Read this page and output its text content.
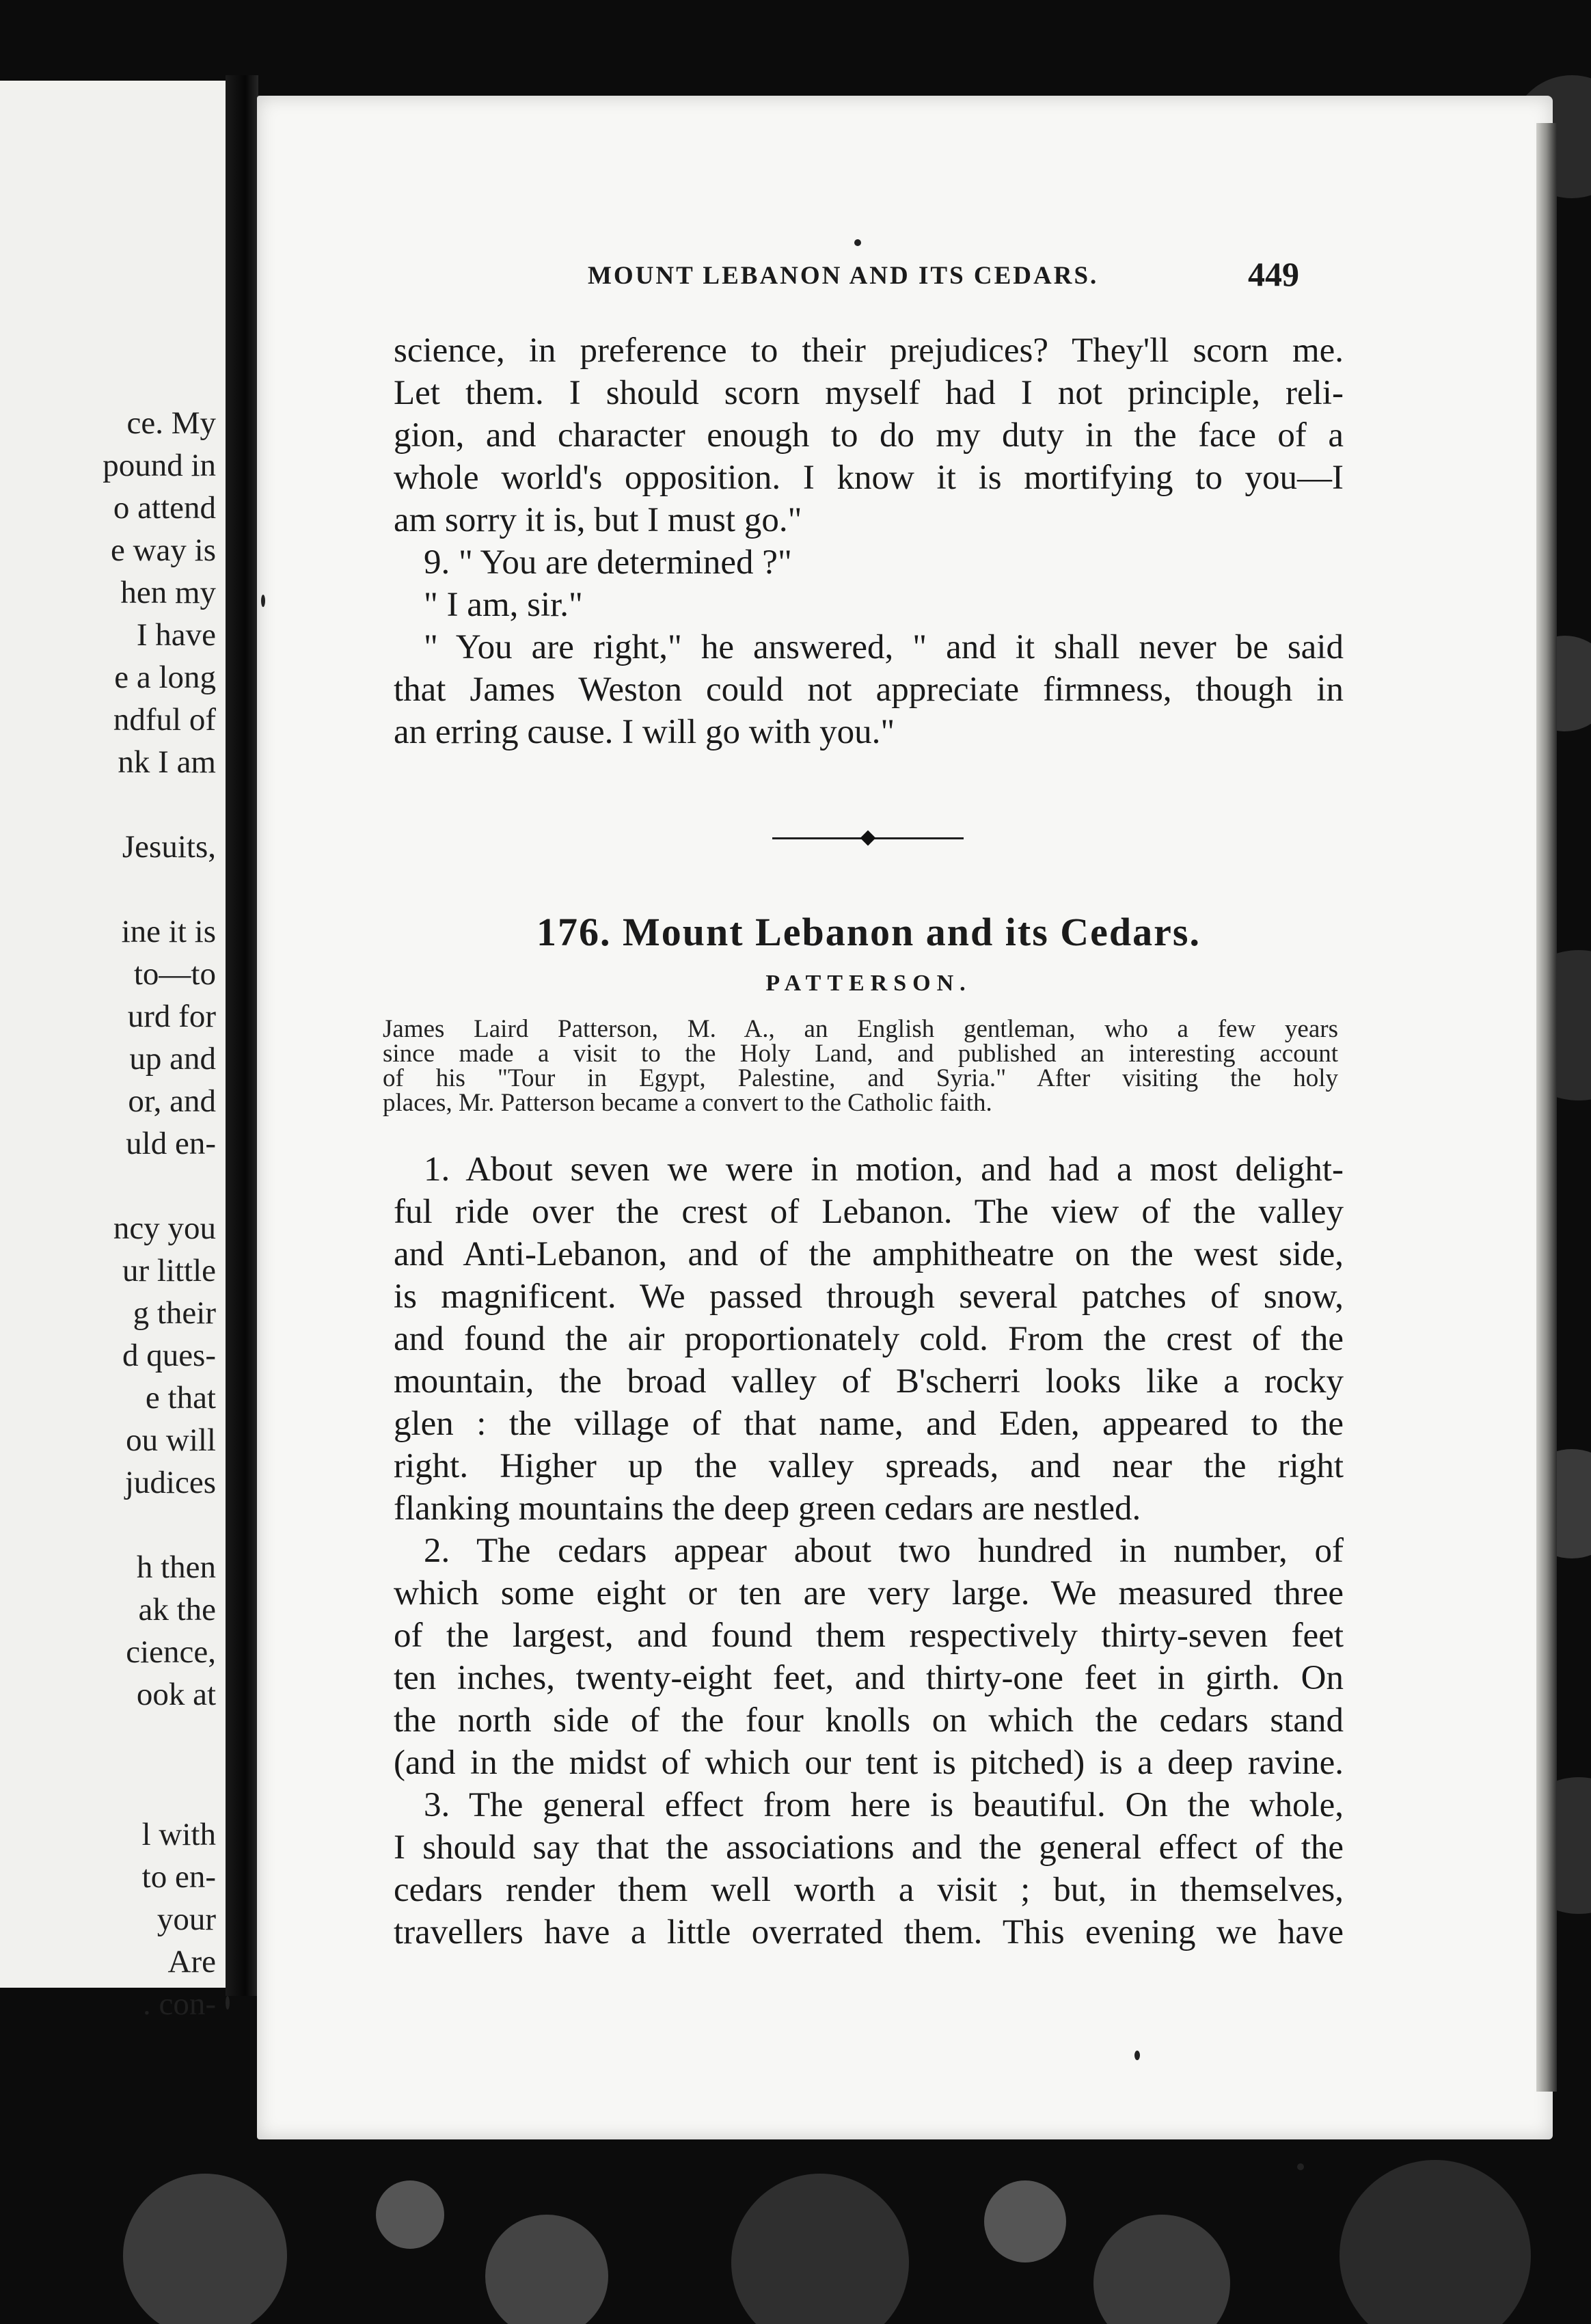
ce. My
pound in
o attend
e way is
hen my
I have
e a long
ndful of
nk I am
Jesuits,
ine it is
to—to
urd for
up and
or, and
uld en-
ncy you
ur little
g their
d ques-
e that
ou will
judices
h then
ak the
cience,
ook at
l with
to en-
your
Are
. con-
MOUNT LEBANON AND ITS CEDARS.	449
science, in preference to their prejudices? They'll scorn me.
Let them. I should scorn myself had I not principle, reli-
gion, and character enough to do my duty in the face of a
whole world's opposition. I know it is mortifying to you—I
am sorry it is, but I must go."
9. " You are determined ?"
" I am, sir."
" You are right," he answered, " and it shall never be said
that James Weston could not appreciate firmness, though in
an erring cause. I will go with you."
176. Mount Lebanon and its Cedars.
PATTERSON.
James Laird Patterson, M. A., an English gentleman, who a few years
since made a visit to the Holy Land, and published an interesting account
of his "Tour in Egypt, Palestine, and Syria." After visiting the holy
places, Mr. Patterson became a convert to the Catholic faith.
1. About seven we were in motion, and had a most delight-
ful ride over the crest of Lebanon. The view of the valley
and Anti-Lebanon, and of the amphitheatre on the west side,
is magnificent. We passed through several patches of snow,
and found the air proportionately cold. From the crest of the
mountain, the broad valley of B'scherri looks like a rocky
glen : the village of that name, and Eden, appeared to the
right. Higher up the valley spreads, and near the right
flanking mountains the deep green cedars are nestled.
2. The cedars appear about two hundred in number, of
which some eight or ten are very large. We measured three
of the largest, and found them respectively thirty-seven feet
ten inches, twenty-eight feet, and thirty-one feet in girth. On
the north side of the four knolls on which the cedars stand
(and in the midst of which our tent is pitched) is a deep ravine.
3. The general effect from here is beautiful. On the whole,
I should say that the associations and the general effect of the
cedars render them well worth a visit ; but, in themselves,
travellers have a little overrated them. This evening we have
